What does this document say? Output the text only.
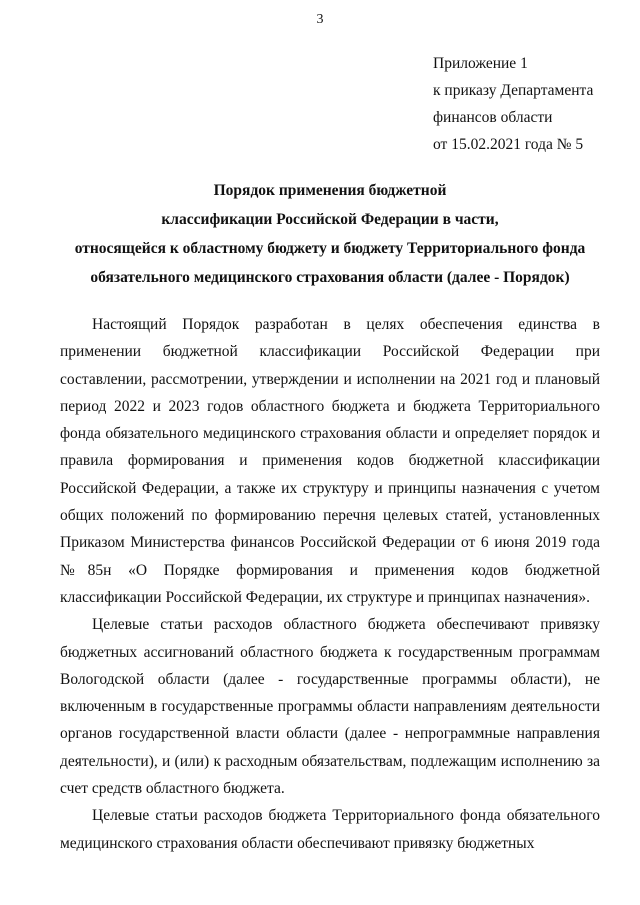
3
Приложение 1
к приказу Департамента
финансов области
от 15.02.2021 года № 5
Порядок применения бюджетной
классификации Российской Федерации в части,
относящейся к областному бюджету и бюджету Территориального фонда
обязательного медицинского страхования области (далее - Порядок)

Настоящий Порядок разработан в целях обеспечения единства в применении бюджетной классификации Российской Федерации при составлении, рассмотрении, утверждении и исполнении на 2021 год и плановый период 2022 и 2023 годов областного бюджета и бюджета Территориального фонда обязательного медицинского страхования области и определяет порядок и правила формирования и применения кодов бюджетной классификации Российской Федерации, а также их структуру и принципы назначения с учетом общих положений по формированию перечня целевых статей, установленных Приказом Министерства финансов Российской Федерации от 6 июня 2019 года №85н «О Порядке формирования и применения кодов бюджетной классификации Российской Федерации, их структуре и принципах назначения».

Целевые статьи расходов областного бюджета обеспечивают привязку бюджетных ассигнований областного бюджета к государственным программам Вологодской области (далее - государственные программы области), не включенным в государственные программы области направлениям деятельности органов государственной власти области (далее - непрограммные направления деятельности), и (или) к расходным обязательствам, подлежащим исполнению за счет средств областного бюджета.

Целевые статьи расходов бюджета Территориального фонда обязательного медицинского страхования области обеспечивают привязку бюджетных
